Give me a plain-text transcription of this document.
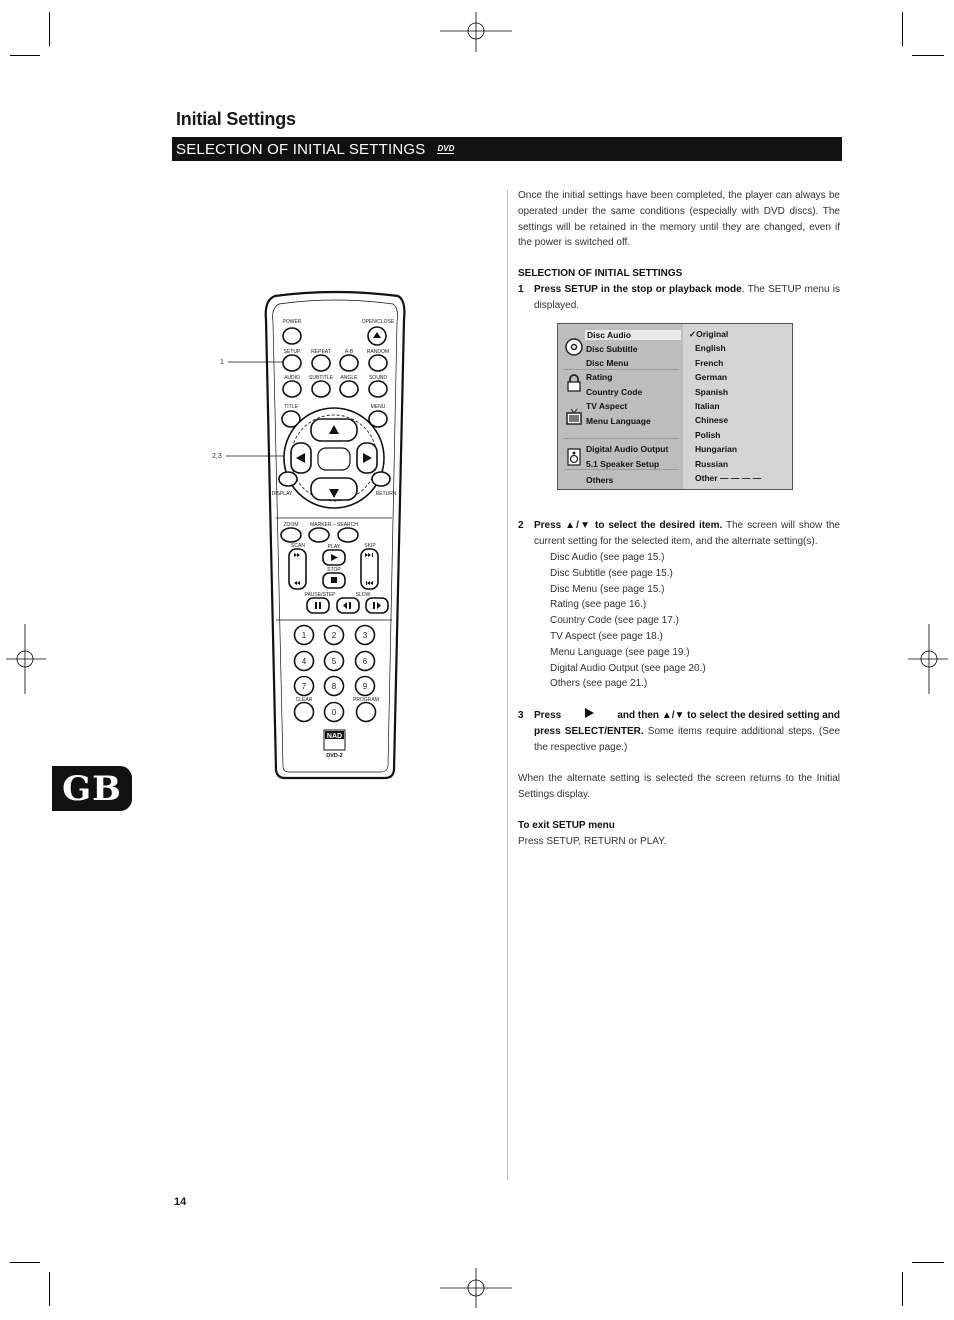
Initial Settings
SELECTION OF INITIAL SETTINGS DVD
Once the initial settings have been completed, the player can always be operated under the same conditions (especially with DVD discs). The settings will be retained in the memory until they are changed, even if the power is switched off.
SELECTION OF INITIAL SETTINGS
1 Press SETUP in the stop or playback mode. The SETUP menu is displayed.
Disc Audio
Disc Subtitle
Disc Menu
Rating
Country Code
TV Aspect
Menu Language
Digital Audio Output
5.1 Speaker Setup
Others
✓Original
English
French
German
Spanish
Italian
Chinese
Polish
Hungarian
Russian
Other — — — —
2 Press ▲/▼ to select the desired item. The screen will show the current setting for the selected item, and the alternate setting(s).
Disc Audio (see page 15.)
Disc Subtitle (see page 15.)
Disc Menu (see page 15.)
Rating (see page 16.)
Country Code (see page 17.)
TV Aspect (see page 18.)
Menu Language (see page 19.)
Digital Audio Output (see page 20.)
Others (see page 21.)
3 Press	and then ▲/▼ to select the desired setting and
press SELECT/ENTER. Some items require additional steps. (See the respective page.)
When the alternate setting is selected the screen returns to the Initial Settings display.
To exit SETUP menu
Press SETUP, RETURN or PLAY.
GB
14
1
2,3
POWER	OPEN/CLOSE
SETUP REPEAT	A-B	RANDOM
AUDIO SUBTITLE ANGLE SOUND
TITLE	MENU
DISPLAY	RETURN
ZOOM MARKER – SEARCH
SCAN	PLAY	SKIP
STOP
PAUSE/STEP	SLOW
CLEAR	PROGRAM
1	2	3
4	5	6
7	8	9
0
NAD
DVD-2
